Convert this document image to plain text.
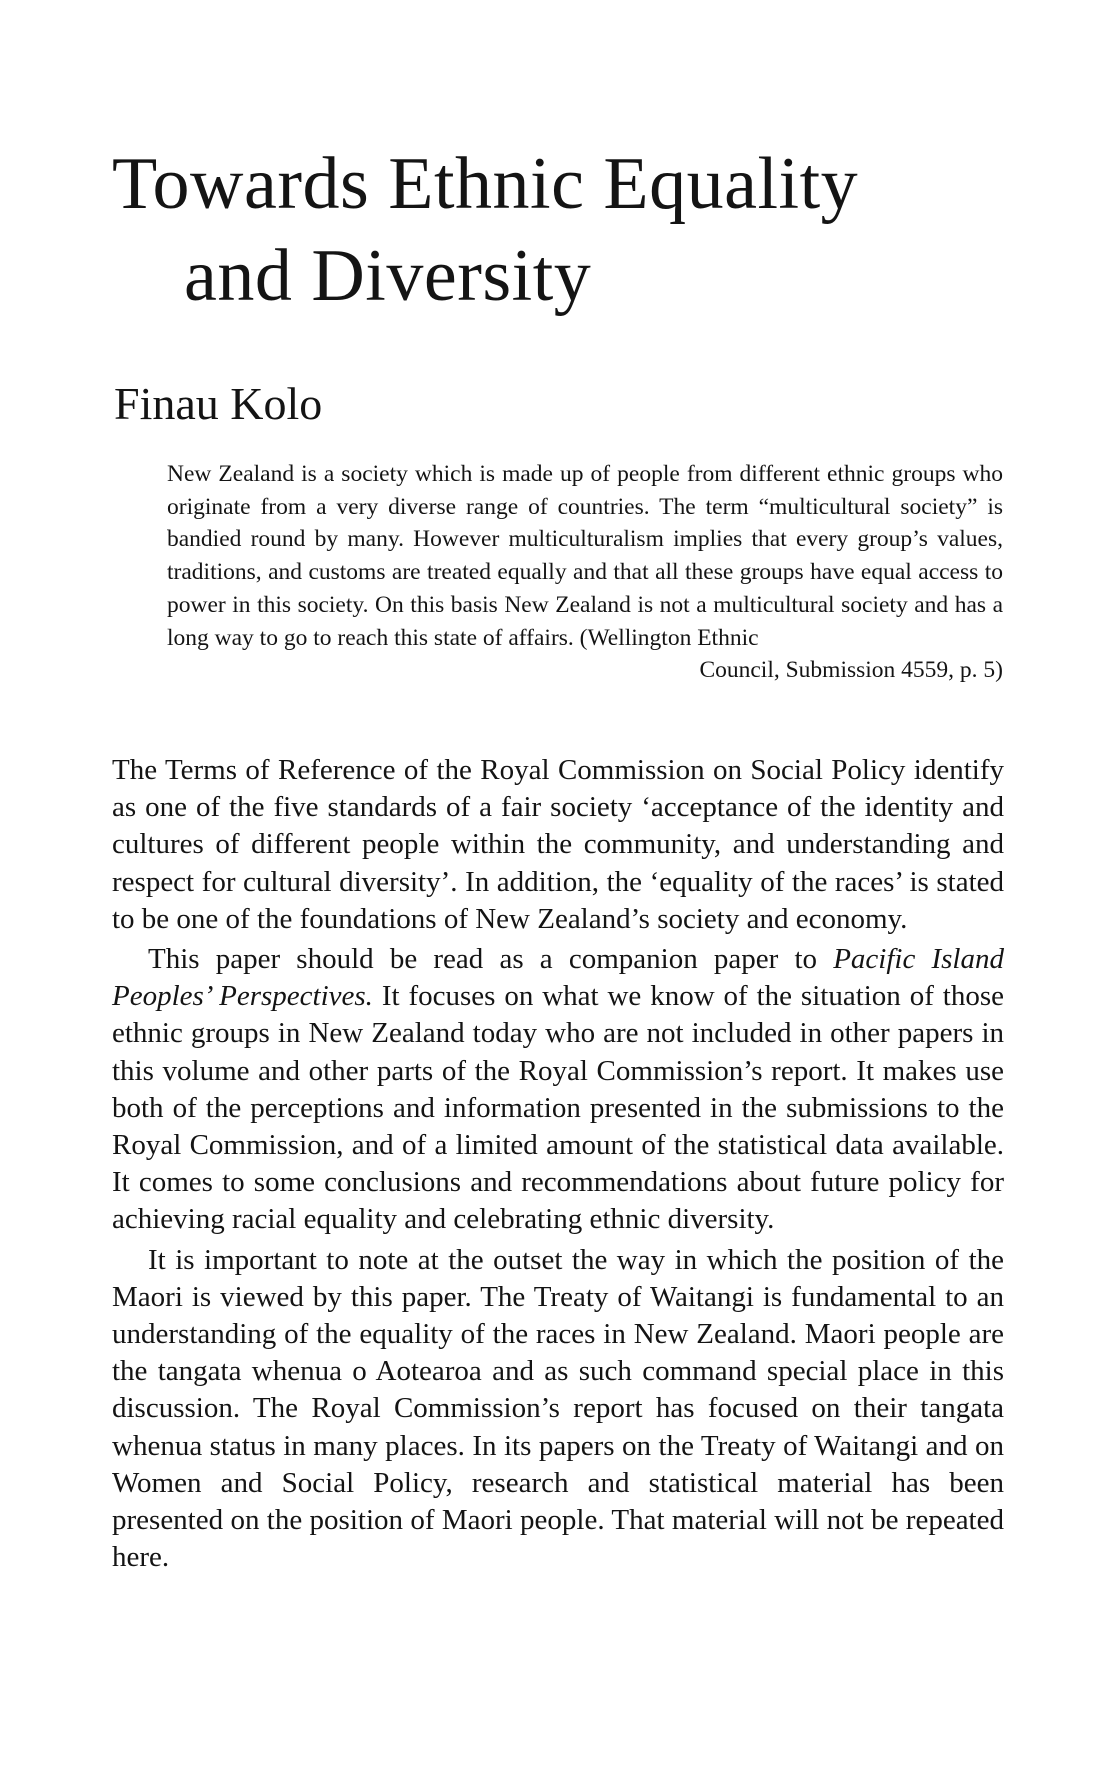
Towards Ethnic Equality
and Diversity
Finau Kolo
New Zealand is a society which is made up of people from different ethnic groups who originate from a very diverse range of countries. The term “multicultural society” is bandied round by many. However multiculturalism implies that every group’s values, traditions, and customs are treated equally and that all these groups have equal access to power in this society. On this basis New Zealand is not a multicultural society and has a long way to go to reach this state of affairs. (Wellington Ethnic
Council, Submission 4559, p. 5)

The Terms of Reference of the Royal Commission on Social Policy identify as one of the five standards of a fair society ‘acceptance of the identity and cultures of different people within the community, and understanding and respect for cultural diversity’. In addition, the ‘equality of the races’ is stated to be one of the foundations of New Zealand’s society and economy.

This paper should be read as a companion paper to Pacific Island Peoples’ Perspectives. It focuses on what we know of the situation of those ethnic groups in New Zealand today who are not included in other papers in this volume and other parts of the Royal Commission’s report. It makes use both of the perceptions and information presented in the submissions to the Royal Commission, and of a limited amount of the statistical data available. It comes to some conclusions and recommendations about future policy for achieving racial equality and celebrating ethnic diversity.

It is important to note at the outset the way in which the position of the Maori is viewed by this paper. The Treaty of Waitangi is fundamental to an understanding of the equality of the races in New Zealand. Maori people are the tangata whenua o Aotearoa and as such command special place in this discussion. The Royal Commission’s report has focused on their tangata whenua status in many places. In its papers on the Treaty of Waitangi and on Women and Social Policy, research and statistical material has been presented on the position of Maori people. That material will not be repeated here.
